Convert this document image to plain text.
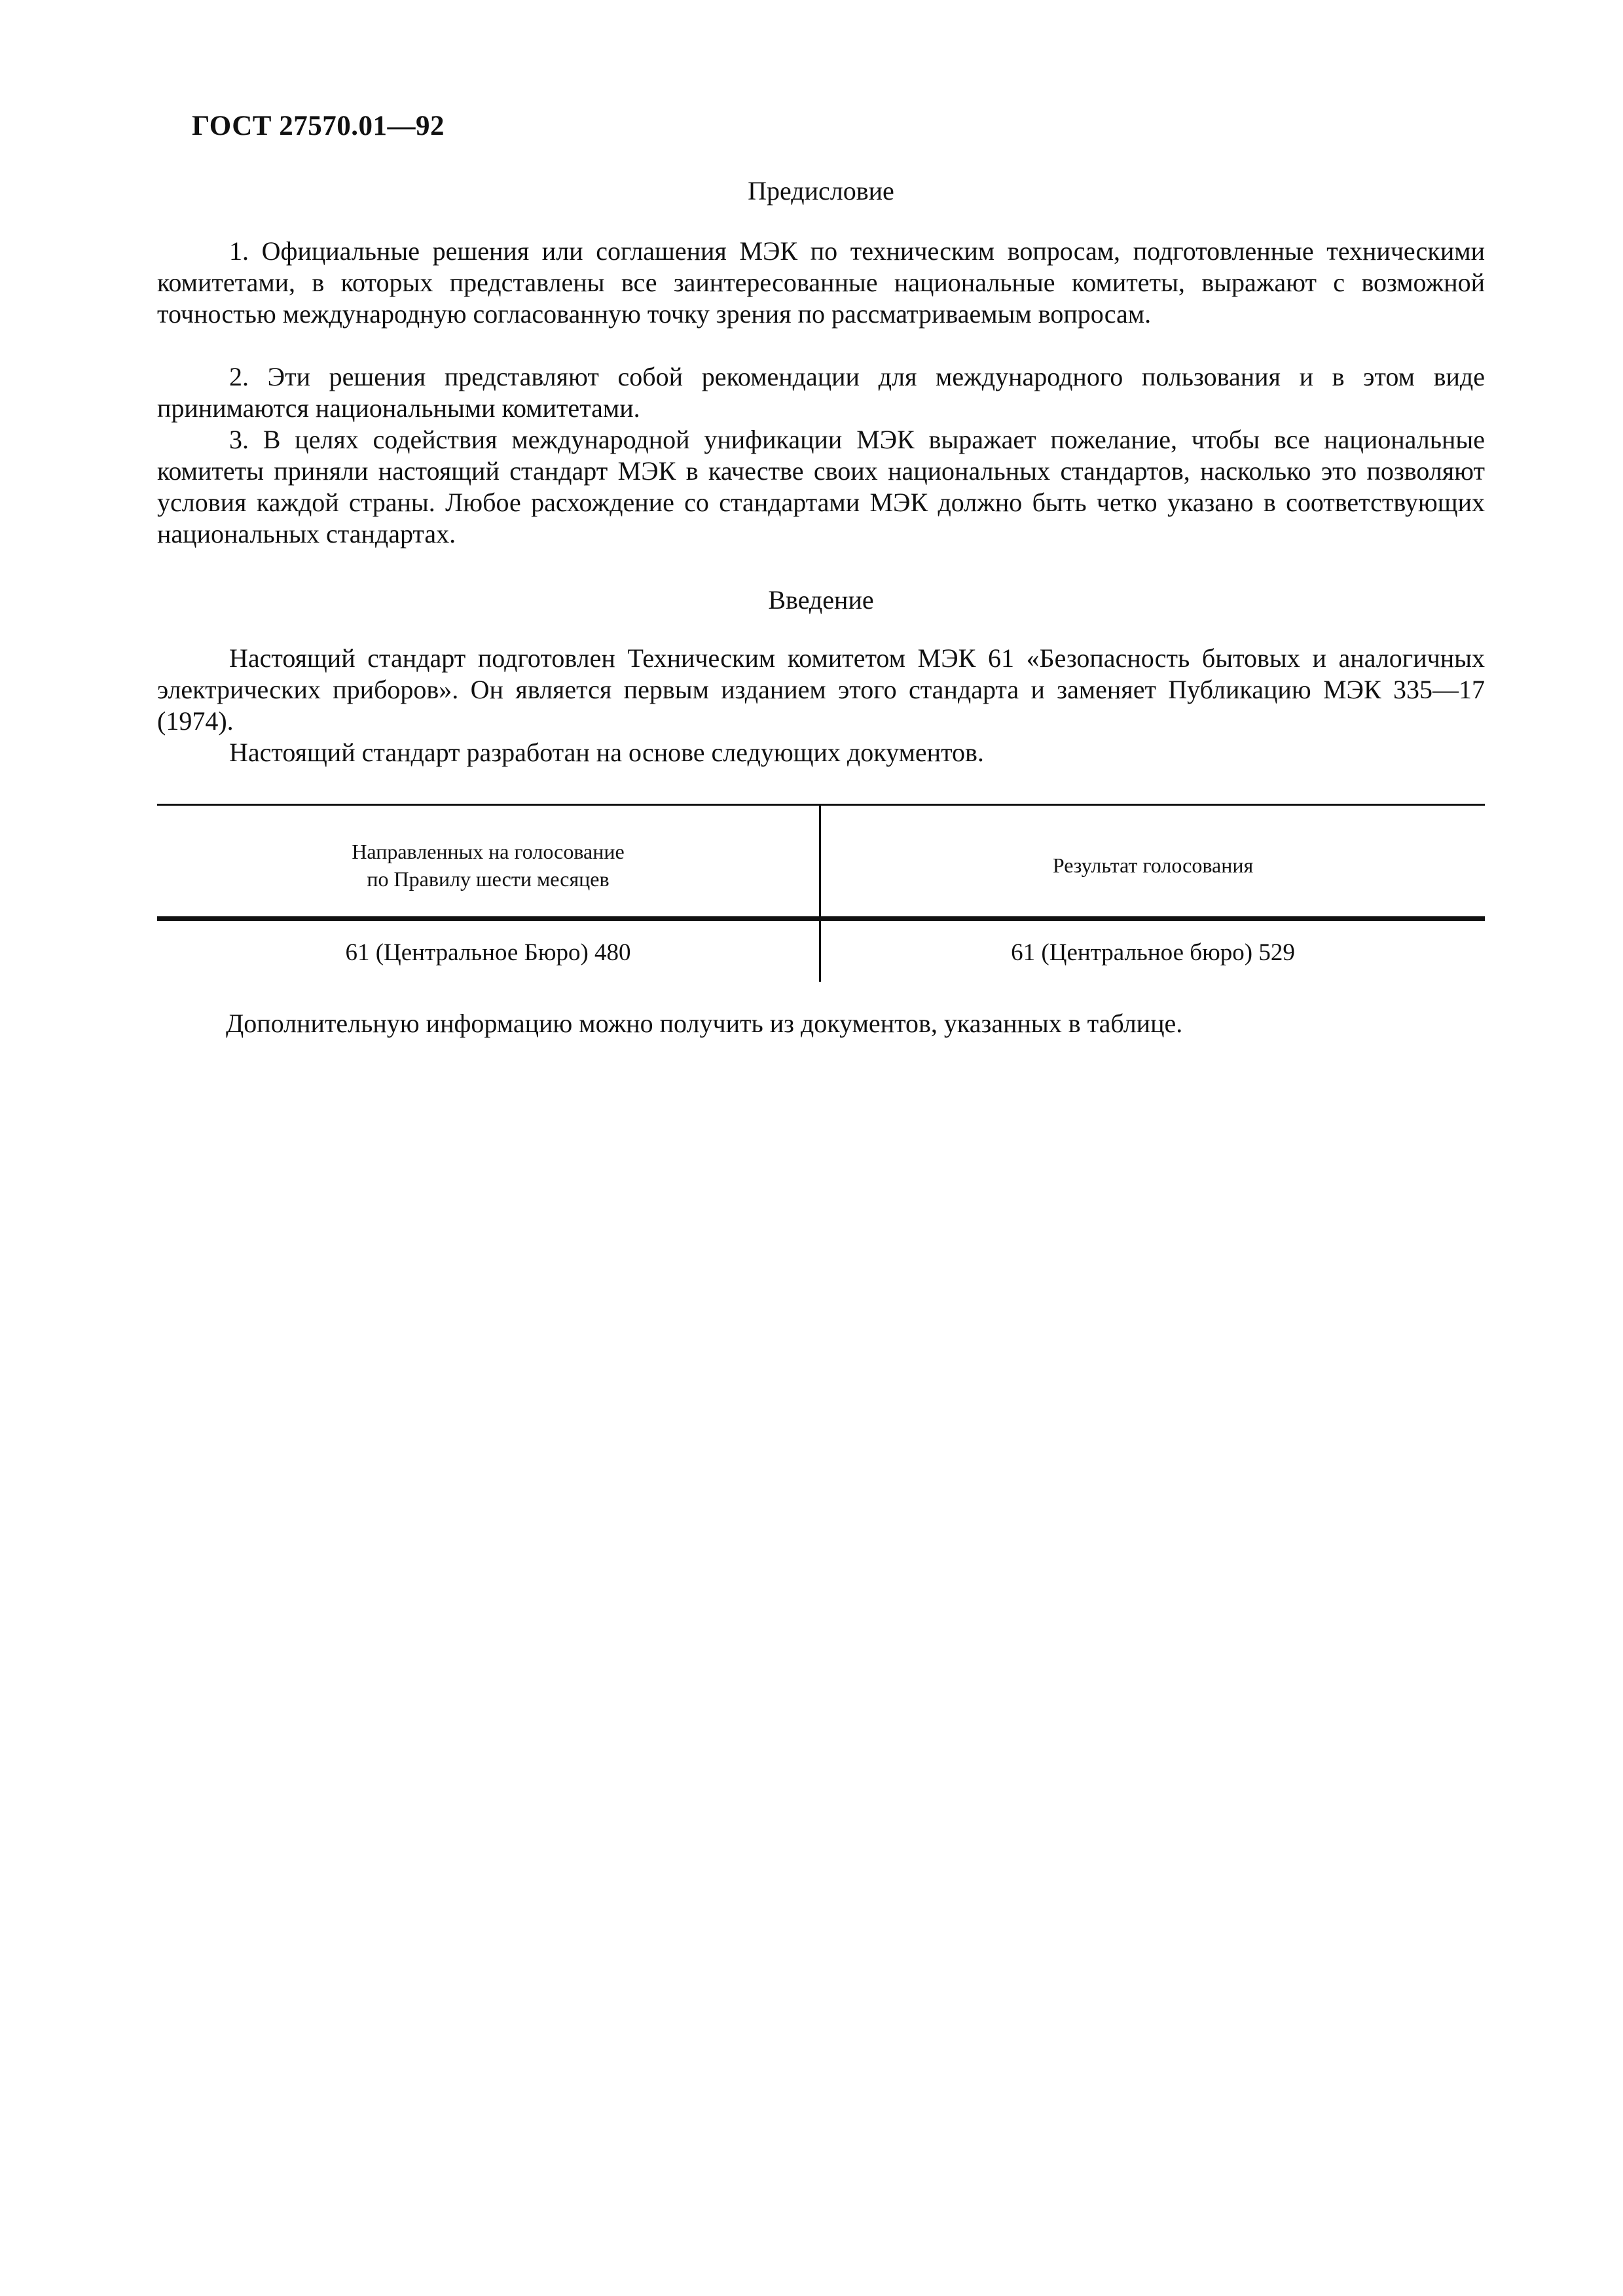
ГОСТ 27570.01—92
Предисловие

1. Официальные решения или соглашения МЭК по техническим вопросам, подготовленные техническими комитетами, в которых представлены все заинтересованные национальные комитеты, выражают с возможной точностью международную согласованную точку зрения по рассматриваемым вопросам.

2. Эти решения представляют собой рекомендации для международного пользования и в этом виде принимаются национальными комитетами.

3. В целях содействия международной унификации МЭК выражает пожелание, чтобы все национальные комитеты приняли настоящий стандарт МЭК в качестве своих национальных стандартов, насколько это позволяют условия каждой страны. Любое расхождение со стандартами МЭК должно быть четко указано в соответствующих национальных стандартах.

Введение

Настоящий стандарт подготовлен Техническим комитетом МЭК 61 «Безопасность бытовых и аналогичных электрических приборов». Он является первым изданием этого стандарта и заменяет Публикацию МЭК 335—17 (1974).

Настоящий стандарт разработан на основе следующих документов.

Направленных на голосование
по Правилу шести месяцев
Результат голосования
61 (Центральное Бюро) 480	61 (Центральное бюро) 529
Дополнительную информацию можно получить из документов, указанных в таблице.
